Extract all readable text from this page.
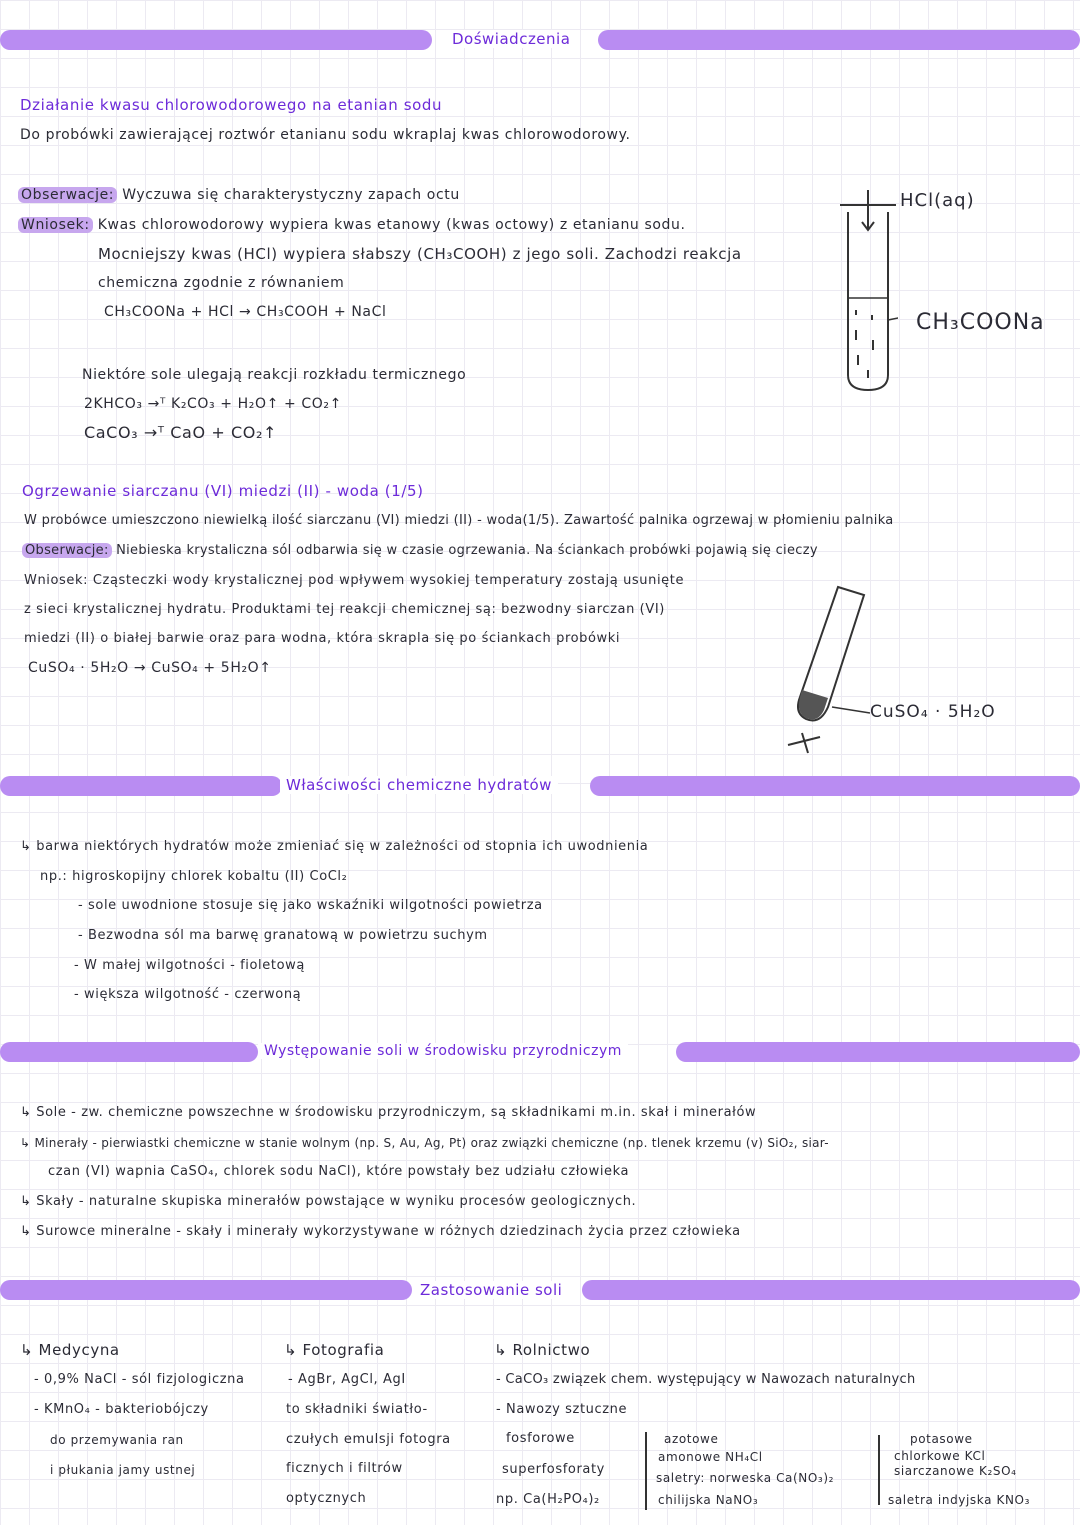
Doświadczenia
Działanie kwasu chlorowodorowego na etanian sodu
Do probówki zawierającej roztwór etanianu sodu wkraplaj kwas chlorowodorowy.
Obserwacje: Wyczuwa się charakterystyczny zapach octu
Wniosek: Kwas chlorowodorowy wypiera kwas etanowy (kwas octowy) z etanianu sodu.
Mocniejszy kwas (HCl) wypiera słabszy (CH₃COOH) z jego soli. Zachodzi reakcja
chemiczna zgodnie z równaniem
CH₃COONa + HCl → CH₃COOH + NaCl
HCl(aq)
CH₃COONa
Niektóre sole ulegają reakcji rozkładu termicznego
2KHCO₃ →ᵀ K₂CO₃ + H₂O↑ + CO₂↑
CaCO₃ →ᵀ CaO + CO₂↑
Ogrzewanie siarczanu (VI) miedzi (II) - woda (1/5)
W probówce umieszczono niewielką ilość siarczanu (VI) miedzi (II) - woda(1/5). Zawartość palnika ogrzewaj w płomieniu palnika
Obserwacje: Niebieska krystaliczna sól odbarwia się w czasie ogrzewania. Na ściankach probówki pojawią się cieczy
Wniosek: Cząsteczki wody krystalicznej pod wpływem wysokiej temperatury zostają usunięte
z sieci krystalicznej hydratu. Produktami tej reakcji chemicznej są: bezwodny siarczan (VI)
miedzi (II) o białej barwie oraz para wodna, która skrapla się po ściankach probówki
CuSO₄ · 5H₂O → CuSO₄ + 5H₂O↑
CuSO₄ · 5H₂O
Właściwości chemiczne hydratów
↳ barwa niektórych hydratów może zmieniać się w zależności od stopnia ich uwodnienia
np.: higroskopijny chlorek kobaltu (II) CoCl₂
- sole uwodnione stosuje się jako wskaźniki wilgotności powietrza
- Bezwodna sól ma barwę granatową w powietrzu suchym
- W małej wilgotności - fioletową
- większa wilgotność - czerwoną
Występowanie soli w środowisku przyrodniczym
↳ Sole - zw. chemiczne powszechne w środowisku przyrodniczym, są składnikami m.in. skał i minerałów
↳ Minerały - pierwiastki chemiczne w stanie wolnym (np. S, Au, Ag, Pt) oraz związki chemiczne (np. tlenek krzemu (v) SiO₂, siar-
czan (VI) wapnia CaSO₄, chlorek sodu NaCl), które powstały bez udziału człowieka
↳ Skały - naturalne skupiska minerałów powstające w wyniku procesów geologicznych.
↳ Surowce mineralne - skały i minerały wykorzystywane w różnych dziedzinach życia przez człowieka
Zastosowanie soli
↳ Medycyna
- 0,9% NaCl - sól fizjologiczna
- KMnO₄ - bakteriobójczy
do przemywania ran
i płukania jamy ustnej
↳ Fotografia
- AgBr, AgCl, AgI
to składniki światło-
czułych emulsji fotogra
ficznych i filtrów
optycznych
↳ Rolnictwo
- CaCO₃ związek chem. występujący w Nawozach naturalnych
- Nawozy sztuczne
fosforowe
superfosforaty
np. Ca(H₂PO₄)₂
azotowe
amonowe NH₄Cl
saletry: norweska Ca(NO₃)₂
chilijska NaNO₃
potasowe
chlorkowe KCl
siarczanowe K₂SO₄
saletra indyjska KNO₃
